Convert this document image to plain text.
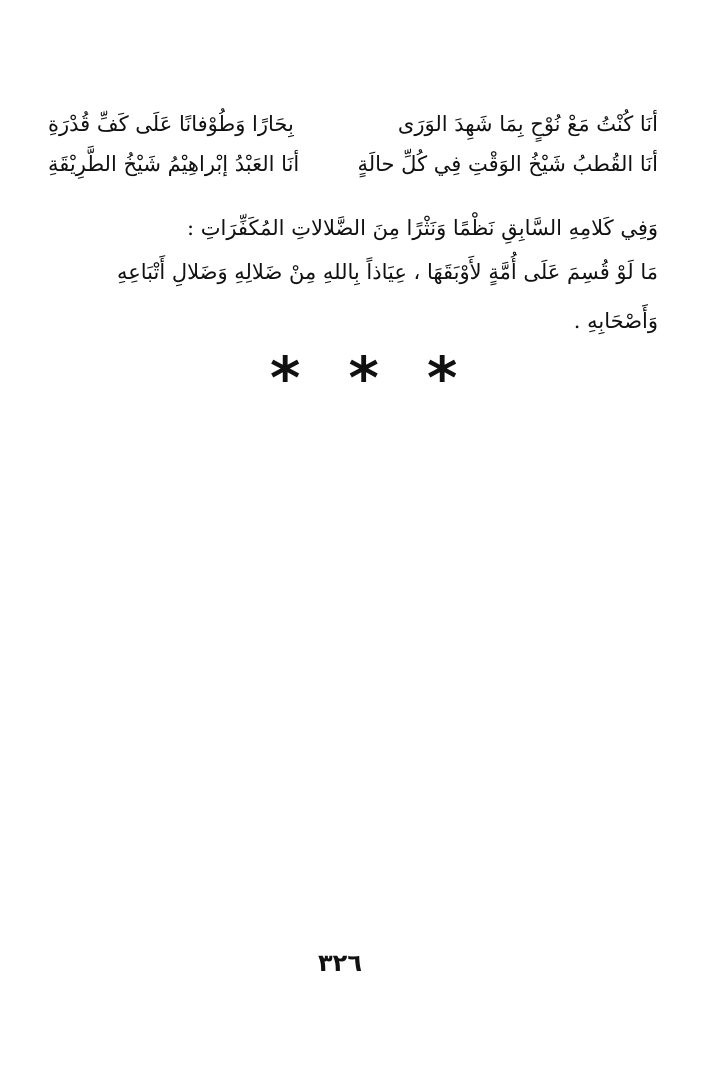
أنَا كُنْتُ مَعْ نُوْحٍ بِمَا شَهِدَ الوَرَى
بِحَارًا وَطُوْفانًا عَلَى كَفِّ قُدْرَةِ
أنَا القُطبُ شَيْخُ الوَقْتِ فِي كُلِّ حالَةٍ
أنَا العَبْدُ إبْراهِيْمُ شَيْخُ الطَّرِيْقَةِ
وَفِي كَلامِهِ السَّابِقِ نَظْمًا وَنَثْرًا مِنَ الضَّلالاتِ المُكَفِّرَاتِ :
مَا لَوْ قُسِمَ عَلَى أُمَّةٍ لأَوْبَقَهَا ، عِيَاذاً بِاللهِ مِنْ ضَلالِهِ وَضَلالِ أَتْبَاعِهِ
وَأَصْحَابِهِ .
* * *
٣٢٦
